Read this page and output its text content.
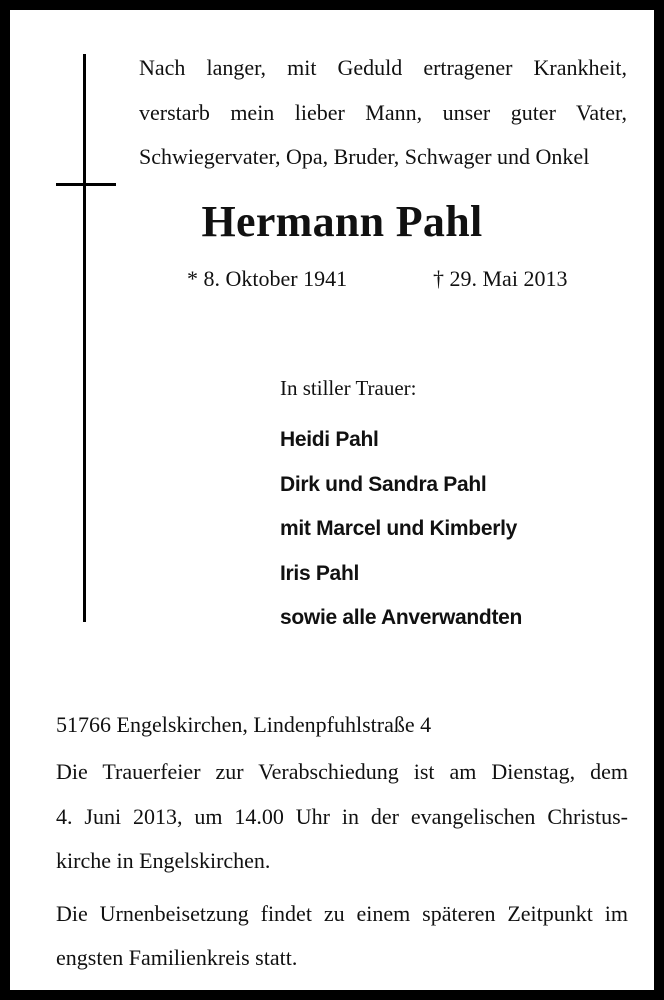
Nach langer, mit Geduld ertragener Krankheit,
verstarb mein lieber Mann, unser guter Vater,
Schwiegervater, Opa, Bruder, Schwager und Onkel

Hermann Pahl

* 8. Oktober 1941	† 29. Mai 2013

In stiller Trauer:

Heidi Pahl
Dirk und Sandra Pahl
mit Marcel und Kimberly
Iris Pahl
sowie alle Anverwandten

51766 Engelskirchen, Lindenpfuhlstraße 4

Die Trauerfeier zur Verabschiedung ist am Dienstag, dem
4. Juni 2013, um 14.00 Uhr in der evangelischen Christus-
kirche in Engelskirchen.

Die Urnenbeisetzung findet zu einem späteren Zeitpunkt im
engsten Familienkreis statt.
